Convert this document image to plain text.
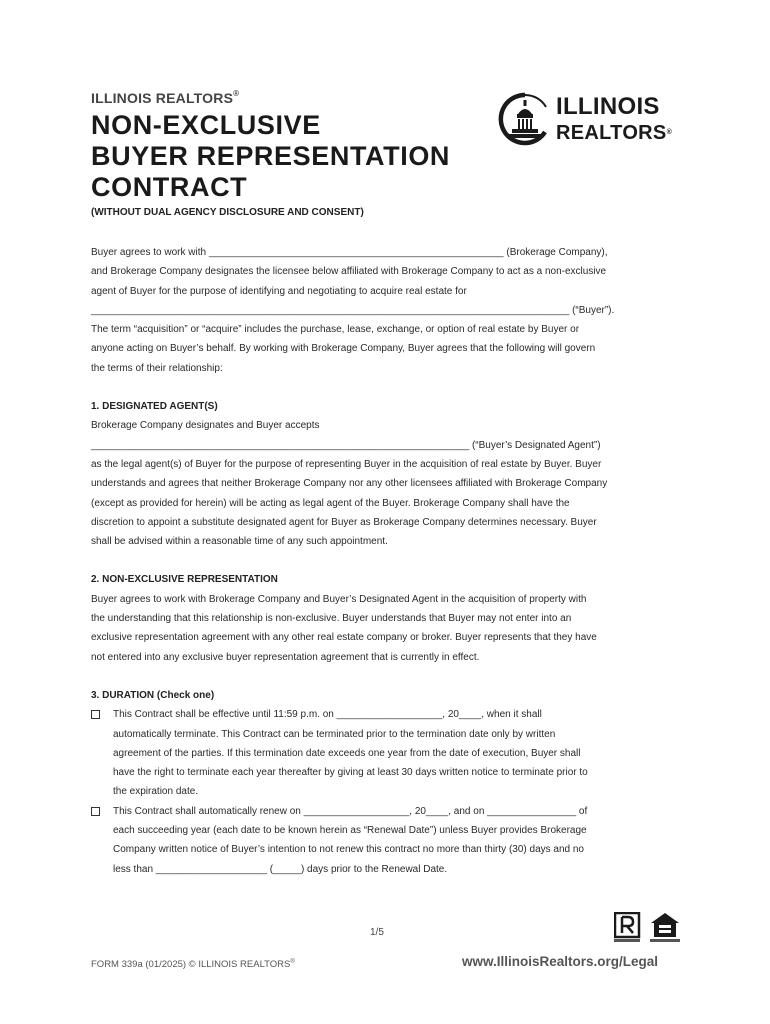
ILLINOIS REALTORS®
NON-EXCLUSIVE
BUYER REPRESENTATION
CONTRACT
(WITHOUT DUAL AGENCY DISCLOSURE AND CONSENT)
ILLINOIS
REALTORS®

Buyer agrees to work with _____________________________________________________ (Brokerage Company),

and Brokerage Company designates the licensee below affiliated with Brokerage Company to act as a non-exclusive

agent of Buyer for the purpose of identifying and negotiating to acquire real estate for

______________________________________________________________________________________ (“Buyer”).

The term “acquisition” or “acquire” includes the purchase, lease, exchange, or option of real estate by Buyer or

anyone acting on Buyer’s behalf. By working with Brokerage Company, Buyer agrees that the following will govern

the terms of their relationship:

1. DESIGNATED AGENT(S)

Brokerage Company designates and Buyer accepts

____________________________________________________________________ (“Buyer’s Designated Agent”)

as the legal agent(s) of Buyer for the purpose of representing Buyer in the acquisition of real estate by Buyer. Buyer

understands and agrees that neither Brokerage Company nor any other licensees affiliated with Brokerage Company

(except as provided for herein) will be acting as legal agent of the Buyer. Brokerage Company shall have the

discretion to appoint a substitute designated agent for Buyer as Brokerage Company determines necessary. Buyer

shall be advised within a reasonable time of any such appointment.

2. NON-EXCLUSIVE REPRESENTATION

Buyer agrees to work with Brokerage Company and Buyer’s Designated Agent in the acquisition of property with

the understanding that this relationship is non-exclusive. Buyer understands that Buyer may not enter into an

exclusive representation agreement with any other real estate company or broker. Buyer represents that they have

not entered into any exclusive buyer representation agreement that is currently in effect.

3. DURATION (Check one)

This Contract shall be effective until 11:59 p.m. on ___________________, 20____, when it shall

automatically terminate. This Contract can be terminated prior to the termination date only by written

agreement of the parties. If this termination date exceeds one year from the date of execution, Buyer shall

have the right to terminate each year thereafter by giving at least 30 days written notice to terminate prior to

the expiration date.

This Contract shall automatically renew on ___________________, 20____, and on ________________ of

each succeeding year (each date to be known herein as “Renewal Date”) unless Buyer provides Brokerage

Company written notice of Buyer’s intention to not renew this contract no more than thirty (30) days and no

less than ____________________ (_____) days prior to the Renewal Date.

1/5
FORM 339a (01/2025) © ILLINOIS REALTORS®	www.IllinoisRealtors.org/Legal
